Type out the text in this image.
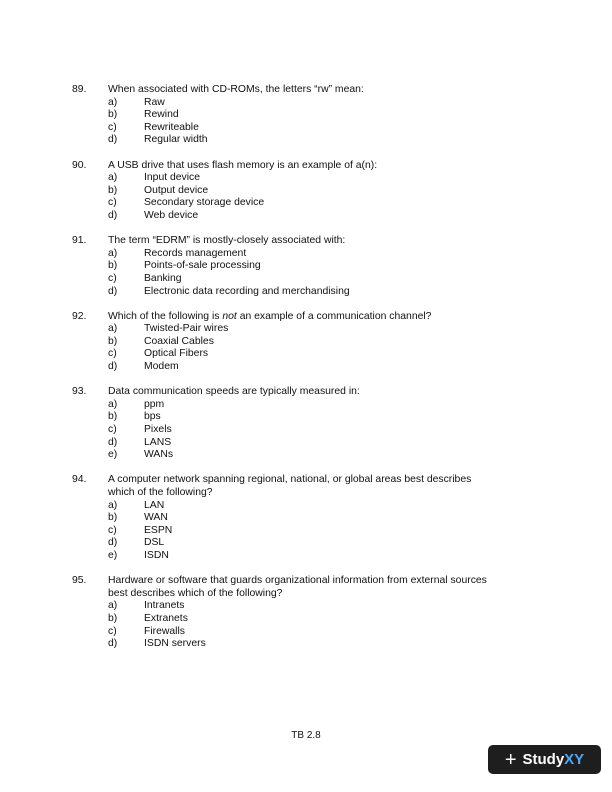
89.	When associated with CD-ROMs, the letters “rw” mean:
a)	Raw
b)	Rewind
c)	Rewriteable
d)	Regular width
90.	A USB drive that uses flash memory is an example of a(n):
a)	Input device
b)	Output device
c)	Secondary storage device
d)	Web device
91.	The term “EDRM” is mostly-closely associated with:
a)	Records management
b)	Points-of-sale processing
c)	Banking
d)	Electronic data recording and merchandising
92.	Which of the following is not an example of a communication channel?
a)	Twisted-Pair wires
b)	Coaxial Cables
c)	Optical Fibers
d)	Modem
93.	Data communication speeds are typically measured in:
a)	ppm
b)	bps
c)	Pixels
d)	LANS
e)	WANs
94.	A computer network spanning regional, national, or global areas best describes
which of the following?
a)	LAN
b)	WAN
c)	ESPN
d)	DSL
e)	ISDN
95.	Hardware or software that guards organizational information from external sources
best describes which of the following?
a)	Intranets
b)	Extranets
c)	Firewalls
d)	ISDN servers
TB 2.8
+ Study XY
